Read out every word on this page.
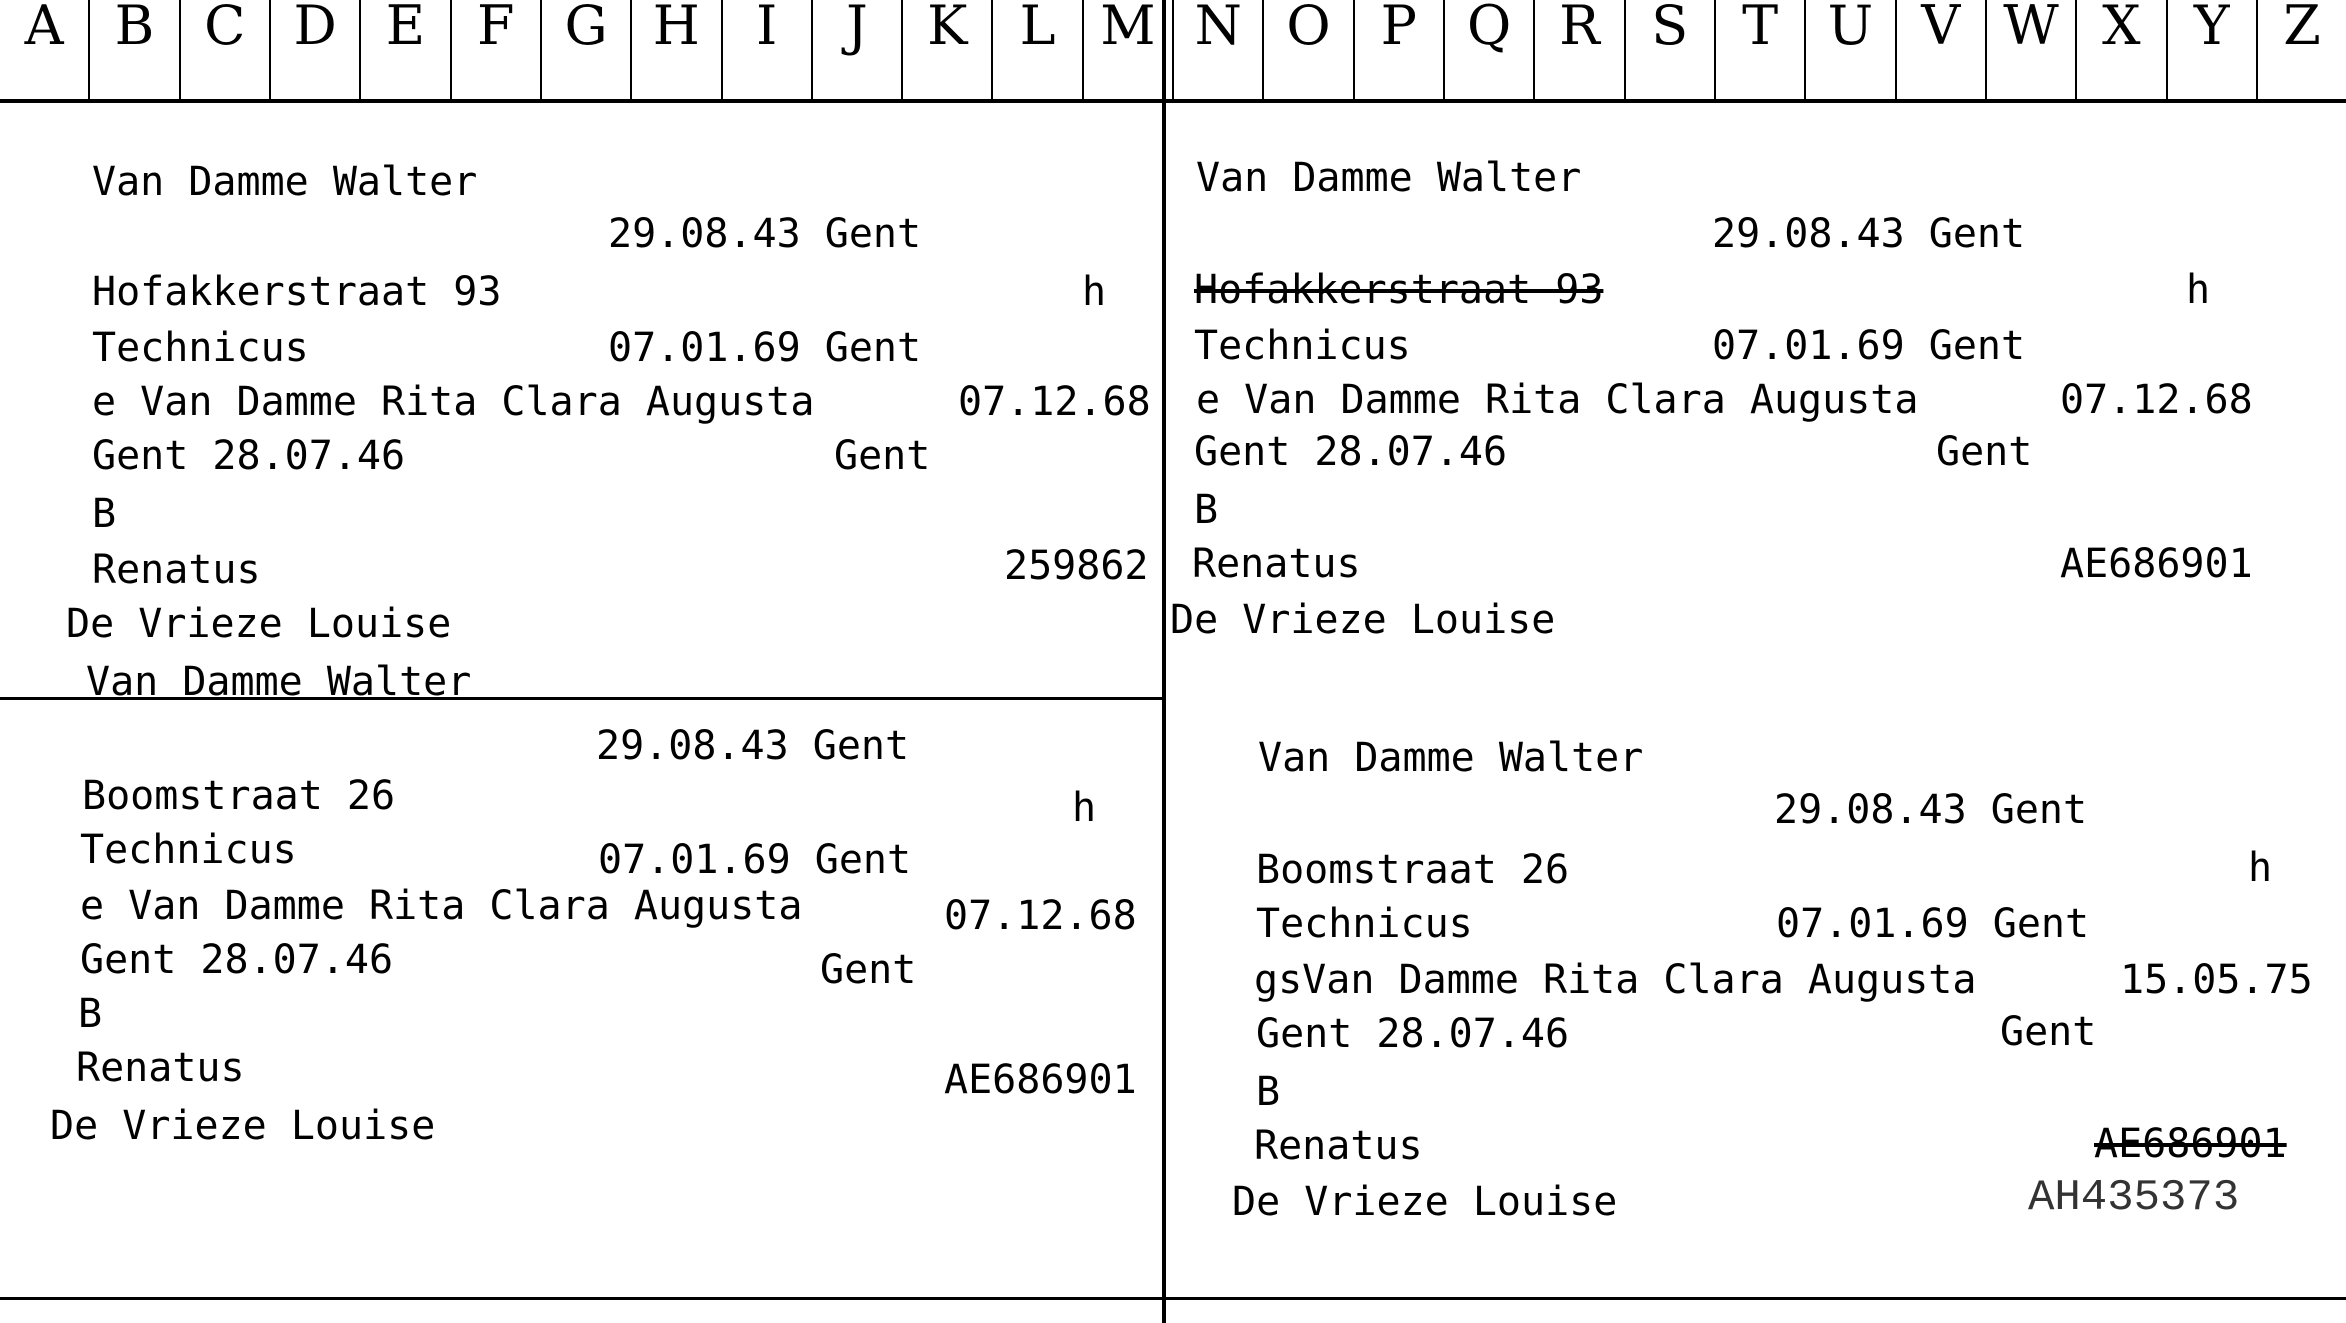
A B C D E F G H	I	J	K L M N O P Q R S T U V W X Y Z
Van Damme Walter
29.08.43 Gent
Hofakkerstraat 93	h
Technicus	07.01.69 Gent
e Van Damme Rita Clara Augusta	07.12.68
Gent 28.07.46	Gent
B
Renatus	259862
De Vrieze Louise
Van Damme Walter
29.08.43 Gent
Hofakkerstraat 93	h
Technicus	07.01.69 Gent
e Van Damme Rita Clara Augusta	07.12.68
Gent 28.07.46	Gent
B
Renatus	AE686901
De Vrieze Louise
Van Damme Walter
29.08.43 Gent
Boomstraat 26	h
Technicus	07.01.69 Gent
e Van Damme Rita Clara Augusta	07.12.68
Gent 28.07.46	Gent
B
Renatus	AE686901
De Vrieze Louise
Van Damme Walter
29.08.43 Gent
Boomstraat 26	h
Technicus	07.01.69 Gent
gsVan Damme Rita Clara Augusta	15.05.75
Gent 28.07.46	Gent
B
Renatus	AE686901
De Vrieze Louise	AH435373
